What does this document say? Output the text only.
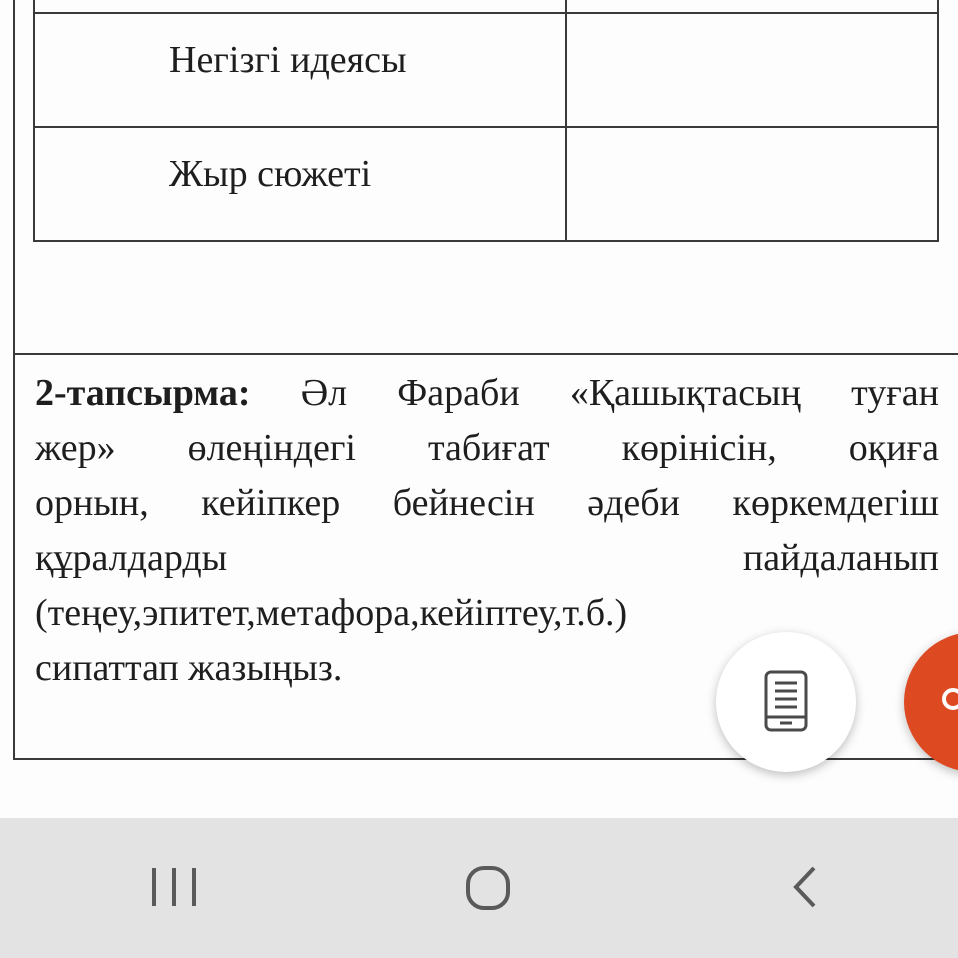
Негізгі идеясы	

Жыр сюжеті	

2-тапсырма: Әл Фараби «Қашықтасың туған
жер» өлеңіндегі табиғат көрінісін, оқиға
орнын, кейіпкер бейнесін әдеби көркемдегіш
құралдарды пайдаланып
(теңеу,эпитет,метафора,кейіптеу,т.б.)
сипаттап жазыңыз.
